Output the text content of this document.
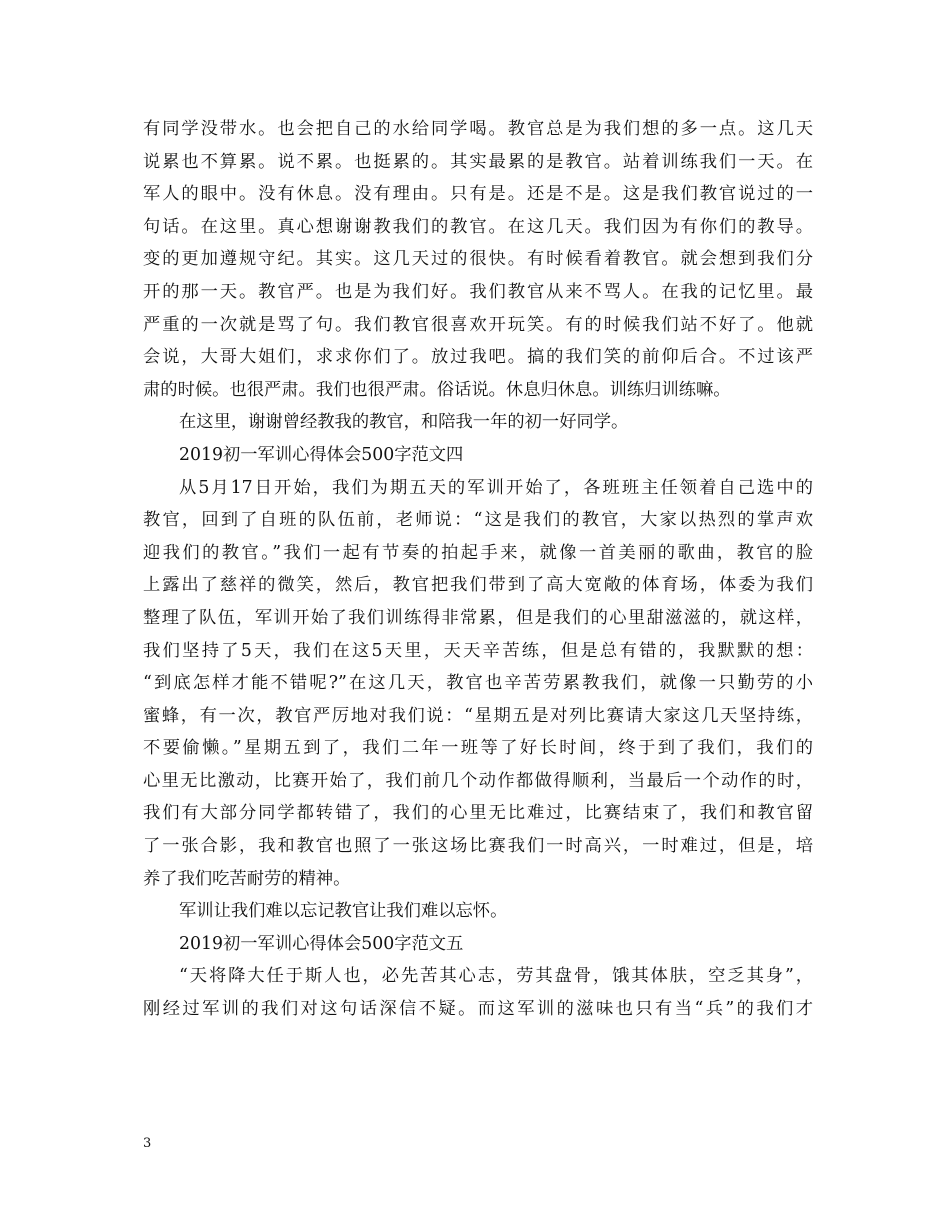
有同学没带水。也会把自己的水给同学喝。教官总是为我们想的多一点。这几天
说累也不算累。说不累。也挺累的。其实最累的是教官。站着训练我们一天。在
军人的眼中。没有休息。没有理由。只有是。还是不是。这是我们教官说过的一
句话。在这里。真心想谢谢教我们的教官。在这几天。我们因为有你们的教导。
变的更加遵规守纪。其实。这几天过的很快。有时候看着教官。就会想到我们分
开的那一天。教官严。也是为我们好。我们教官从来不骂人。在我的记忆里。最
严重的一次就是骂了句。我们教官很喜欢开玩笑。有的时候我们站不好了。他就
会说，大哥大姐们，求求你们了。放过我吧。搞的我们笑的前仰后合。不过该严
肃的时候。也很严肃。我们也很严肃。俗话说。休息归休息。训练归训练嘛。
在这里，谢谢曾经教我的教官，和陪我一年的初一好同学。
2019初一军训心得体会500字范文四
从5月17日开始，我们为期五天的军训开始了，各班班主任领着自己选中的
教官，回到了自班的队伍前，老师说：“这是我们的教官，大家以热烈的掌声欢
迎我们的教官。”我们一起有节奏的拍起手来，就像一首美丽的歌曲，教官的脸
上露出了慈祥的微笑，然后，教官把我们带到了高大宽敞的体育场，体委为我们
整理了队伍，军训开始了我们训练得非常累，但是我们的心里甜滋滋的，就这样，
我们坚持了5天，我们在这5天里，天天辛苦练，但是总有错的，我默默的想：
“到底怎样才能不错呢?”在这几天，教官也辛苦劳累教我们，就像一只勤劳的小
蜜蜂，有一次，教官严厉地对我们说：“星期五是对列比赛请大家这几天坚持练，
不要偷懒。”星期五到了，我们二年一班等了好长时间，终于到了我们，我们的
心里无比激动，比赛开始了，我们前几个动作都做得顺利，当最后一个动作的时，
我们有大部分同学都转错了，我们的心里无比难过，比赛结束了，我们和教官留
了一张合影，我和教官也照了一张这场比赛我们一时高兴，一时难过，但是，培
养了我们吃苦耐劳的精神。
军训让我们难以忘记教官让我们难以忘怀。
2019初一军训心得体会500字范文五
“天将降大任于斯人也，必先苦其心志，劳其盘骨，饿其体肤，空乏其身”，
刚经过军训的我们对这句话深信不疑。而这军训的滋味也只有当“兵”的我们才
3
